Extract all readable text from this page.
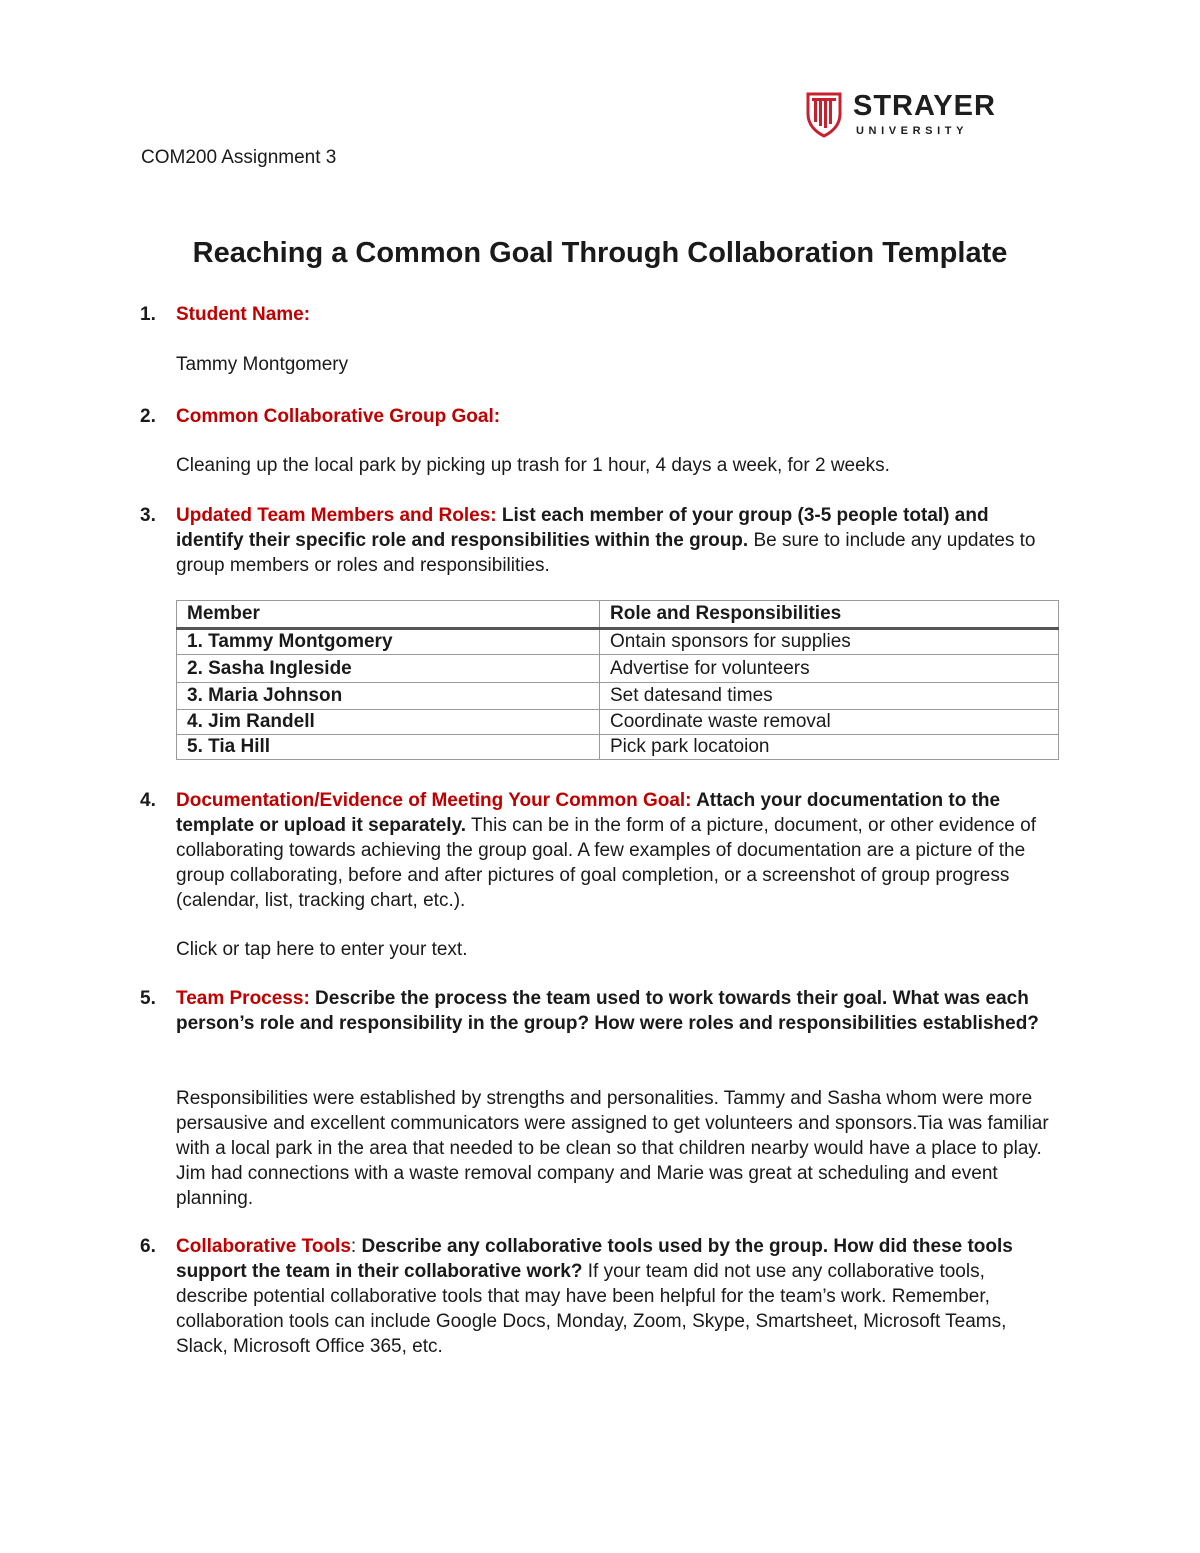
STRAYER
UNIVERSITY
COM200 Assignment 3
Reaching a Common Goal Through Collaboration Template
1. Student Name:
Tammy Montgomery
2. Common Collaborative Group Goal:
Cleaning up the local park by picking up trash for 1 hour, 4 days a week, for 2 weeks.
3. Updated Team Members and Roles: List each member of your group (3-5 people total) and identify their specific role and responsibilities within the group. Be sure to include any updates to group members or roles and responsibilities.
Member	Role and Responsibilities
1. Tammy Montgomery	Ontain sponsors for supplies
2. Sasha Ingleside	Advertise for volunteers
3. Maria Johnson	Set datesand times
4. Jim Randell	Coordinate waste removal
5. Tia Hill	Pick park locatoion
4. Documentation/Evidence of Meeting Your Common Goal: Attach your documentation to the template or upload it separately. This can be in the form of a picture, document, or other evidence of collaborating towards achieving the group goal. A few examples of documentation are a picture of the group collaborating, before and after pictures of goal completion, or a screenshot of group progress (calendar, list, tracking chart, etc.).
Click or tap here to enter your text.
5. Team Process: Describe the process the team used to work towards their goal. What was each person’s role and responsibility in the group? How were roles and responsibilities established?
Responsibilities were established by strengths and personalities. Tammy and Sasha whom were more persausive and excellent communicators were assigned to get volunteers and sponsors.Tia was familiar with a local park in the area that needed to be clean so that children nearby would have a place to play. Jim had connections with a waste removal company and Marie was great at scheduling and event planning.
6. Collaborative Tools: Describe any collaborative tools used by the group. How did these tools support the team in their collaborative work? If your team did not use any collaborative tools, describe potential collaborative tools that may have been helpful for the team’s work. Remember, collaboration tools can include Google Docs, Monday, Zoom, Skype, Smartsheet, Microsoft Teams, Slack, Microsoft Office 365, etc.
